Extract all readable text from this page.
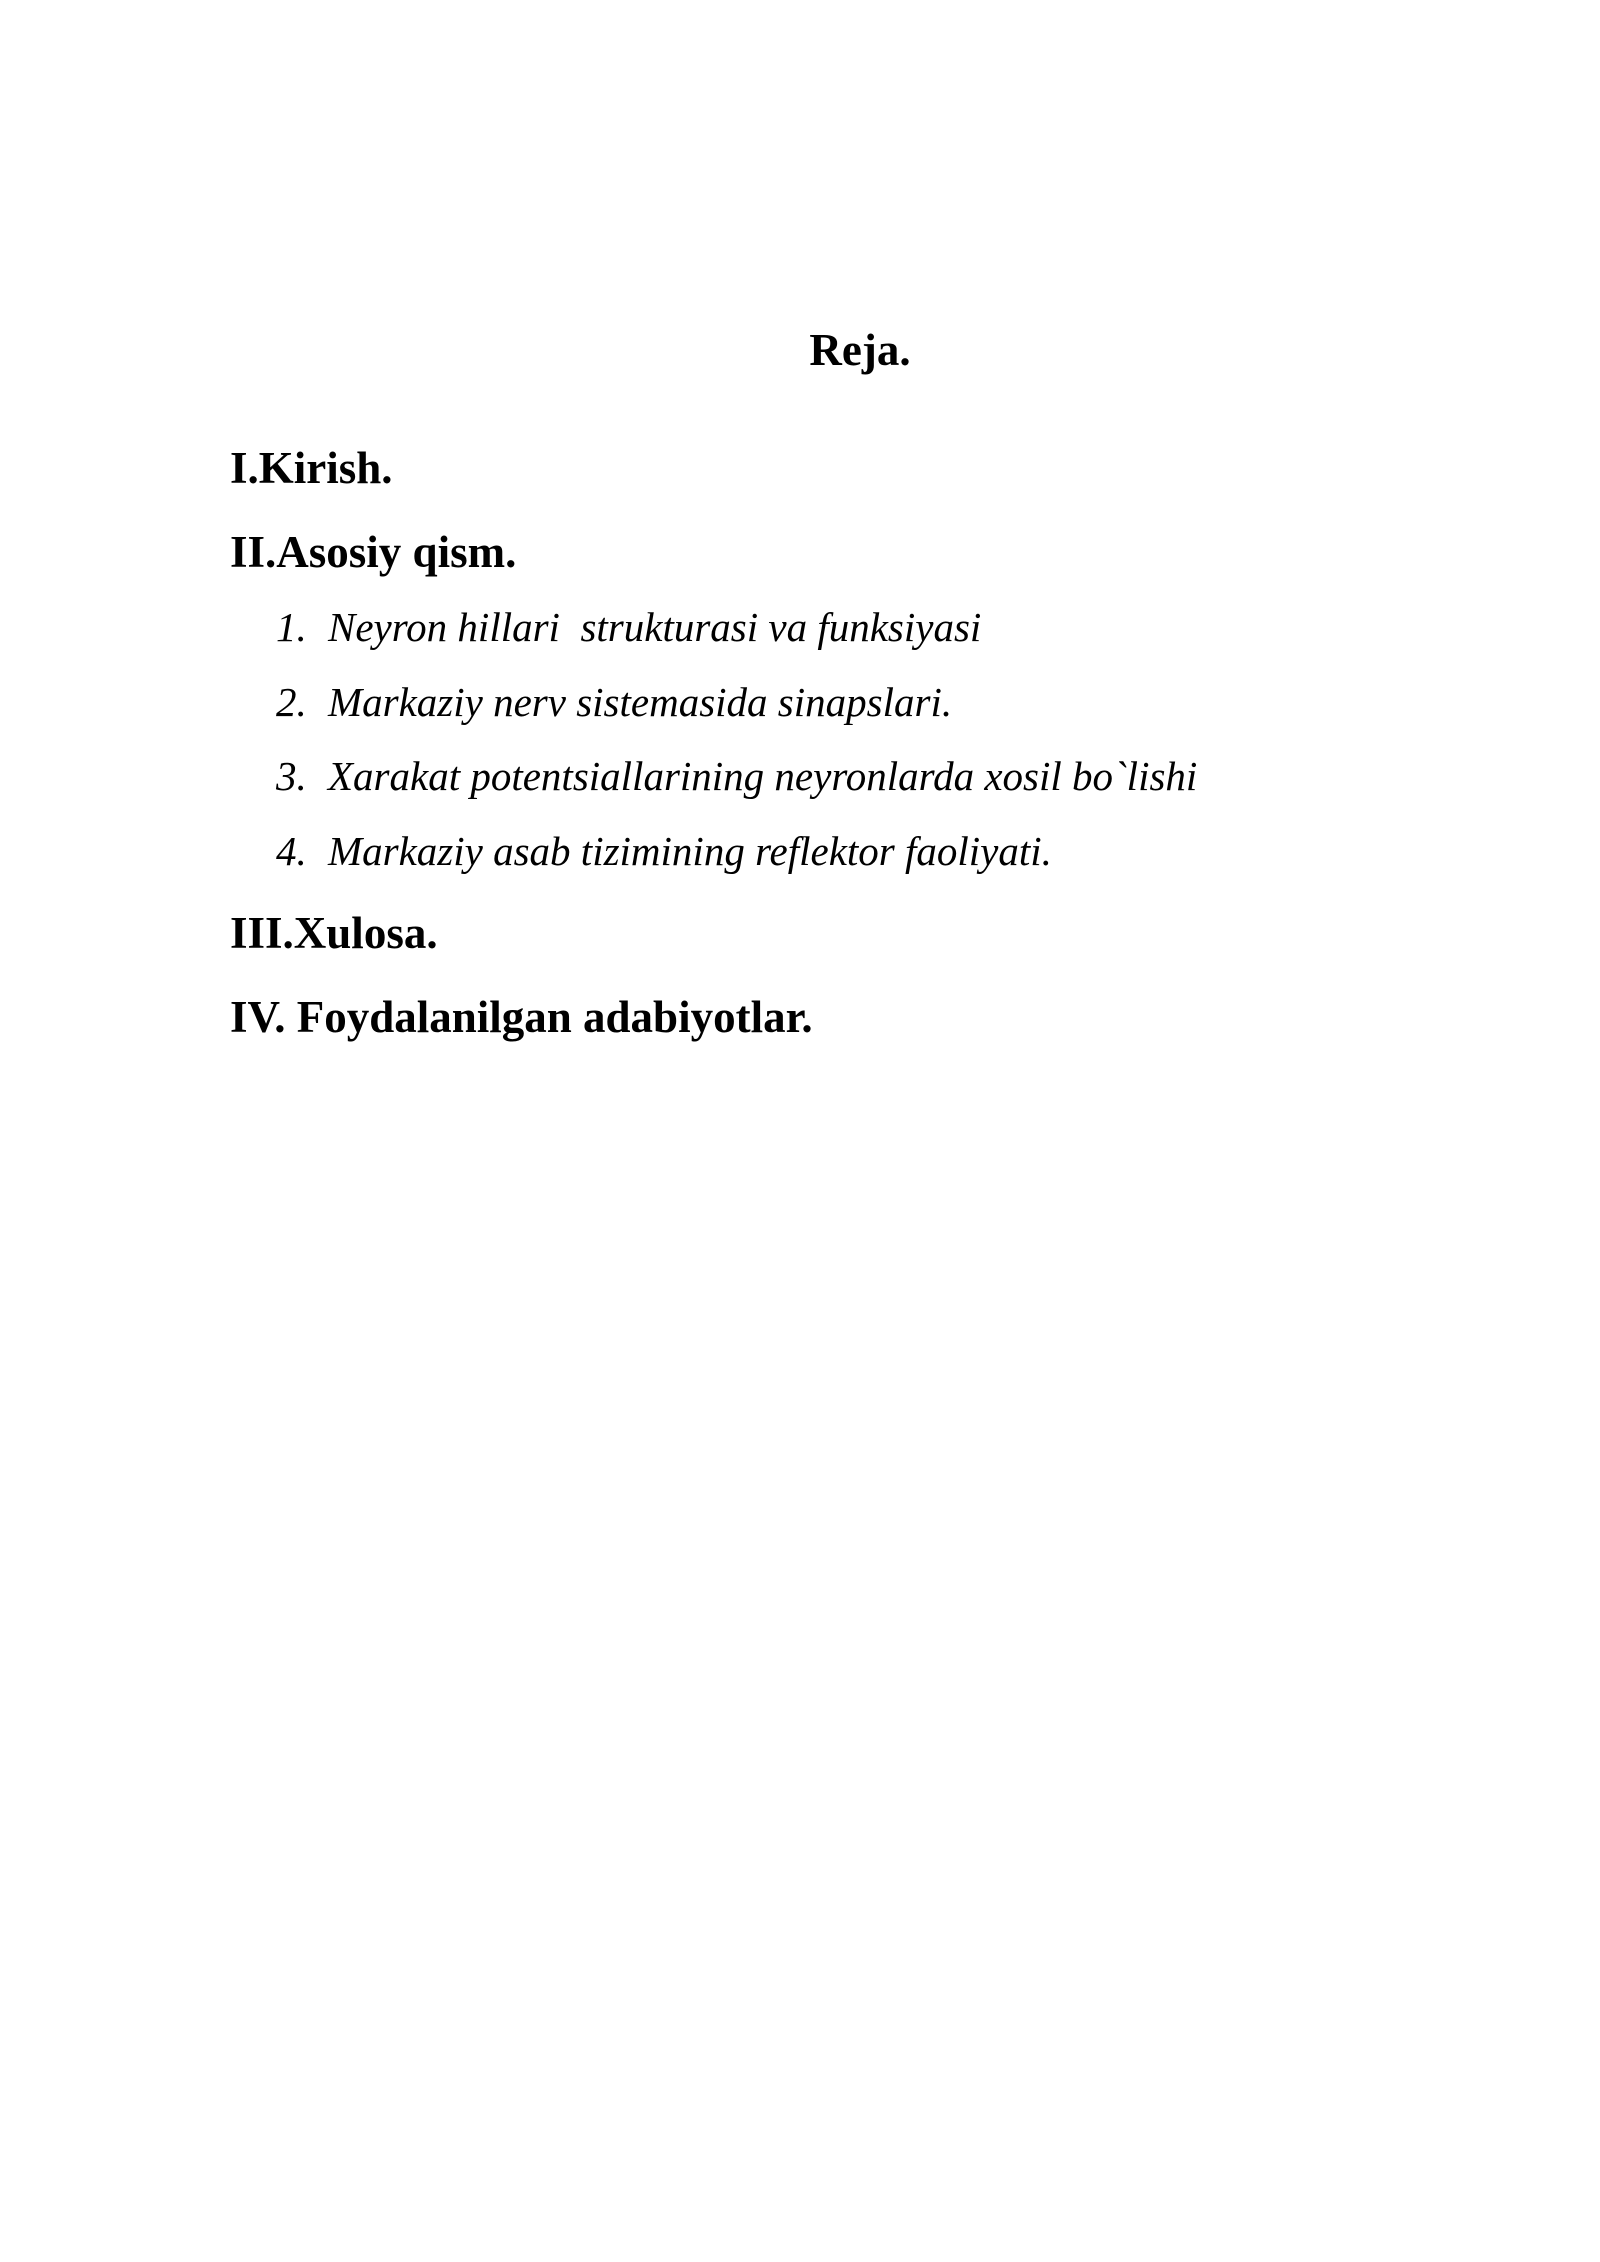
Reja.

I.Kirish.

II.Asosiy qism.

1. Neyron hillari  strukturasi va funksiyasi
2. Markaziy nerv sistemasida sinapslari.
3. Xarakat potentsiallarining neyronlarda xosil bo`lishi
4. Markaziy asab tizimining reflektor faoliyati.

III.Xulosa.

IV. Foydalanilgan adabiyotlar.
